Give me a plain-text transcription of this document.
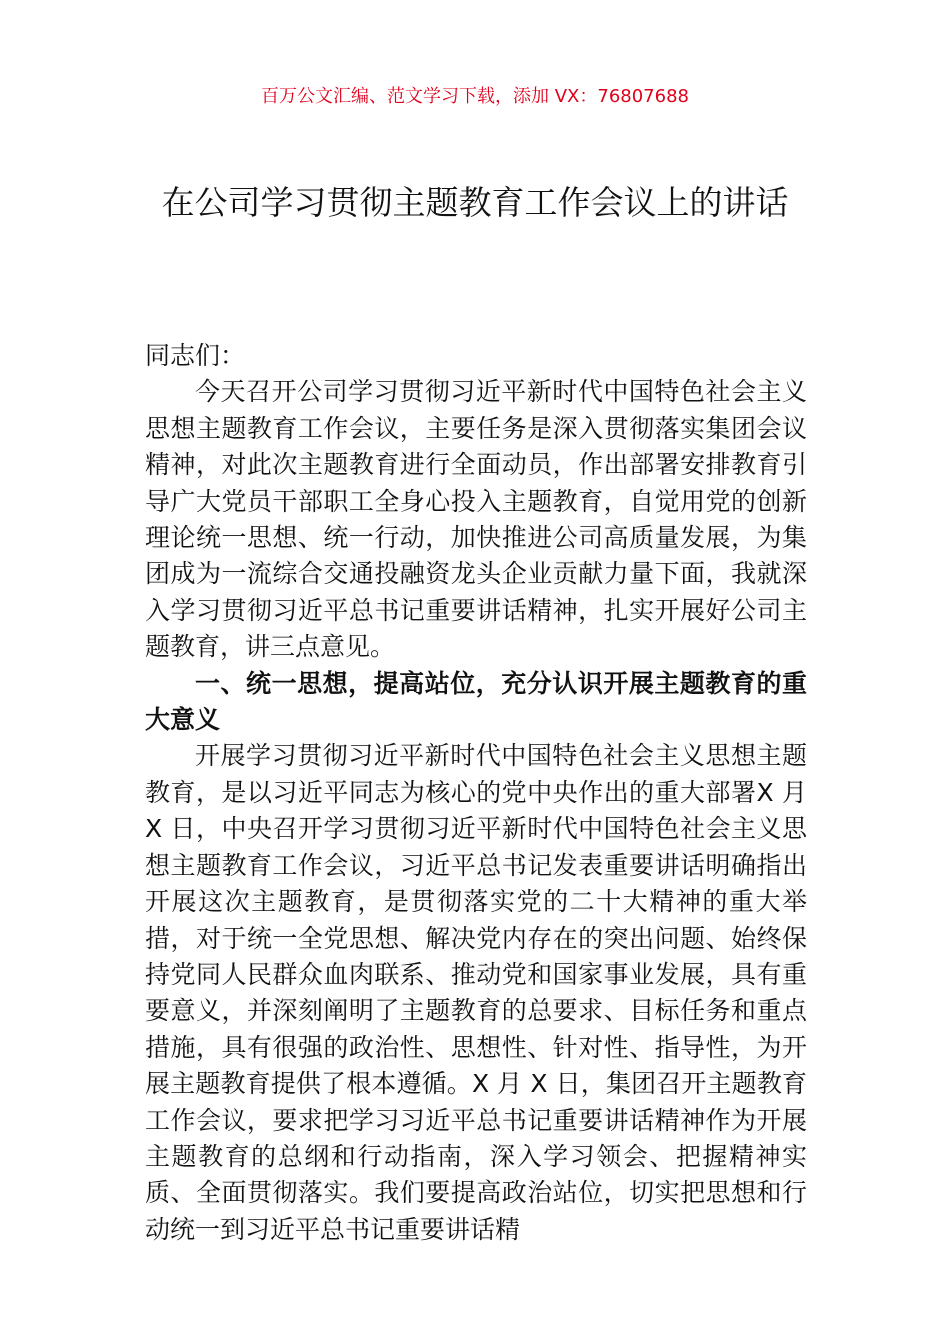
百万公文汇编、范文学习下载，添加 VX：76807688
在公司学习贯彻主题教育工作会议上的讲话

同志们：

今天召开公司学习贯彻习近平新时代中国特色社会主义思想主题教育工作会议，主要任务是深入贯彻落实集团会议精神，对此次主题教育进行全面动员，作出部署安排教育引导广大党员干部职工全身心投入主题教育，自觉用党的创新理论统一思想、统一行动，加快推进公司高质量发展，为集团成为一流综合交通投融资龙头企业贡献力量下面，我就深入学习贯彻习近平总书记重要讲话精神，扎实开展好公司主题教育，讲三点意见。

一、统一思想，提高站位，充分认识开展主题教育的重大意义

开展学习贯彻习近平新时代中国特色社会主义思想主题教育，是以习近平同志为核心的党中央作出的重大部署X 月 X 日，中央召开学习贯彻习近平新时代中国特色社会主义思想主题教育工作会议，习近平总书记发表重要讲话明确指出开展这次主题教育，是贯彻落实党的二十大精神的重大举措，对于统一全党思想、解决党内存在的突出问题、始终保持党同人民群众血肉联系、推动党和国家事业发展，具有重要意义，并深刻阐明了主题教育的总要求、目标任务和重点措施，具有很强的政治性、思想性、针对性、指导性，为开展主题教育提供了根本遵循。X 月 X 日，集团召开主题教育工作会议，要求把学习习近平总书记重要讲话精神作为开展主题教育的总纲和行动指南，深入学习领会、把握精神实质、全面贯彻落实。我们要提高政治站位，切实把思想和行动统一到习近平总书记重要讲话精
